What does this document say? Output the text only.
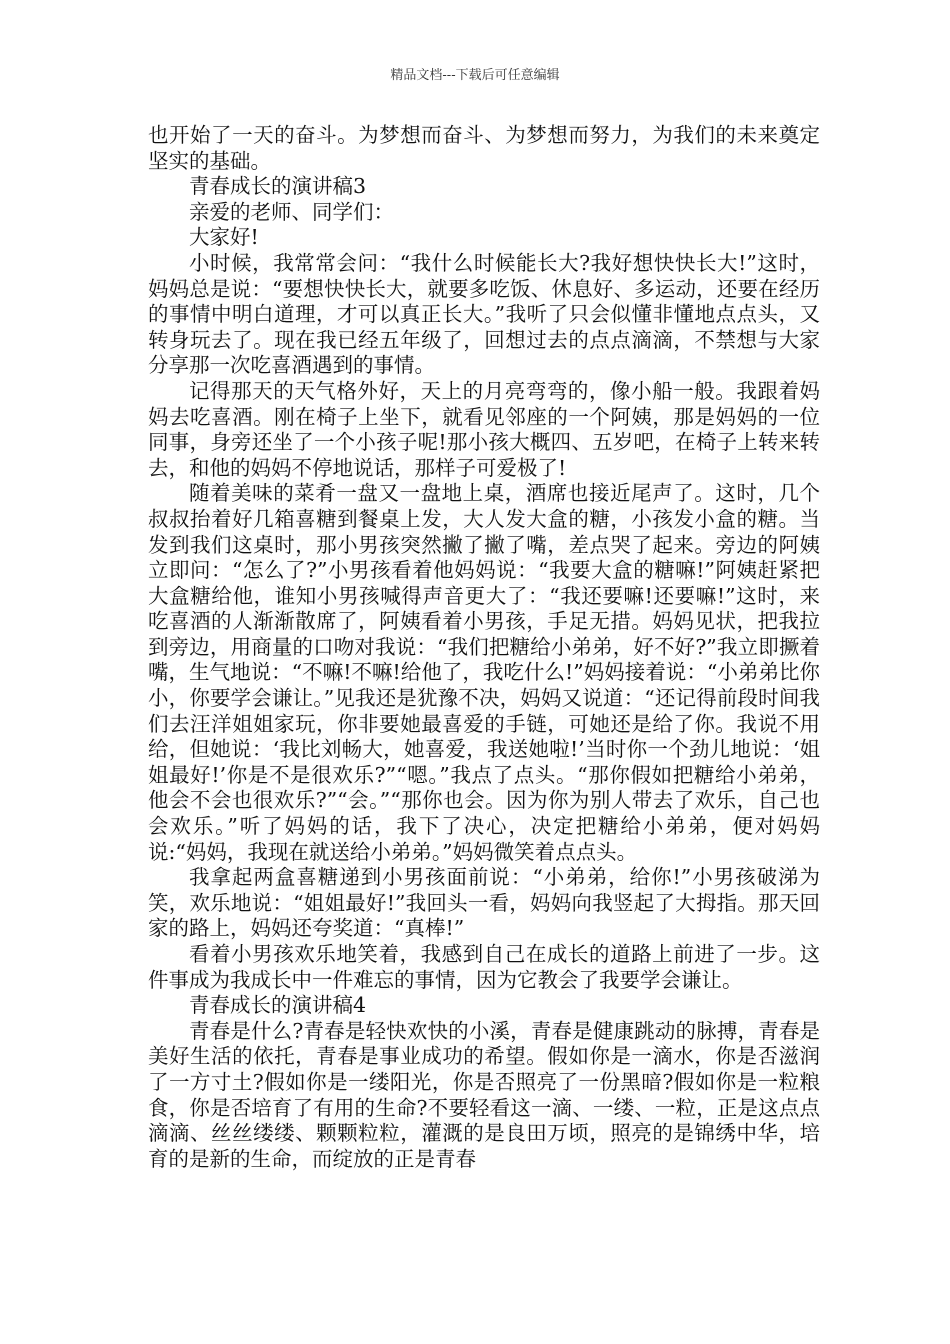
精品文档---下载后可任意编辑

也开始了一天的奋斗。为梦想而奋斗、为梦想而努力，为我们的未来奠定坚实的基础。

青春成长的演讲稿3

亲爱的老师、同学们：

大家好!

小时候，我常常会问：“我什么时候能长大?我好想快快长大!”这时，妈妈总是说：“要想快快长大，就要多吃饭、休息好、多运动，还要在经历的事情中明白道理，才可以真正长大。”我听了只会似懂非懂地点点头，又转身玩去了。现在我已经五年级了，回想过去的点点滴滴，不禁想与大家分享那一次吃喜酒遇到的事情。

记得那天的天气格外好，天上的月亮弯弯的，像小船一般。我跟着妈妈去吃喜酒。刚在椅子上坐下，就看见邻座的一个阿姨，那是妈妈的一位同事，身旁还坐了一个小孩子呢!那小孩大概四、五岁吧，在椅子上转来转去，和他的妈妈不停地说话，那样子可爱极了!

随着美味的菜肴一盘又一盘地上桌，酒席也接近尾声了。这时，几个叔叔抬着好几箱喜糖到餐桌上发，大人发大盒的糖，小孩发小盒的糖。当发到我们这桌时，那小男孩突然撇了撇了嘴，差点哭了起来。旁边的阿姨立即问：“怎么了?”小男孩看着他妈妈说：“我要大盒的糖嘛!”阿姨赶紧把大盒糖给他，谁知小男孩喊得声音更大了：“我还要嘛!还要嘛!”这时，来吃喜酒的人渐渐散席了，阿姨看着小男孩，手足无措。妈妈见状，把我拉到旁边，用商量的口吻对我说：“我们把糖给小弟弟，好不好?”我立即撅着嘴，生气地说：“不嘛!不嘛!给他了，我吃什么!”妈妈接着说：“小弟弟比你小，你要学会谦让。”见我还是犹豫不决，妈妈又说道：“还记得前段时间我们去汪洋姐姐家玩，你非要她最喜爱的手链，可她还是给了你。我说不用给，但她说：‘我比刘畅大，她喜爱，我送她啦!’当时你一个劲儿地说：‘姐姐最好!’你是不是很欢乐?”“嗯。”我点了点头。“那你假如把糖给小弟弟，他会不会也很欢乐?”“会。”“那你也会。因为你为别人带去了欢乐，自己也会欢乐。”听了妈妈的话，我下了决心，决定把糖给小弟弟，便对妈妈说:“妈妈，我现在就送给小弟弟。”妈妈微笑着点点头。

我拿起两盒喜糖递到小男孩面前说：“小弟弟，给你!”小男孩破涕为笑，欢乐地说：“姐姐最好!”我回头一看，妈妈向我竖起了大拇指。那天回家的路上，妈妈还夸奖道：“真棒!”

看着小男孩欢乐地笑着，我感到自己在成长的道路上前进了一步。这件事成为我成长中一件难忘的事情，因为它教会了我要学会谦让。

青春成长的演讲稿4

青春是什么?青春是轻快欢快的小溪，青春是健康跳动的脉搏，青春是美好生活的依托，青春是事业成功的希望。假如你是一滴水，你是否滋润了一方寸土?假如你是一缕阳光，你是否照亮了一份黑暗?假如你是一粒粮食，你是否培育了有用的生命?不要轻看这一滴、一缕、一粒，正是这点点滴滴、丝丝缕缕、颗颗粒粒，灌溉的是良田万顷，照亮的是锦绣中华，培育的是新的生命，而绽放的正是青春
